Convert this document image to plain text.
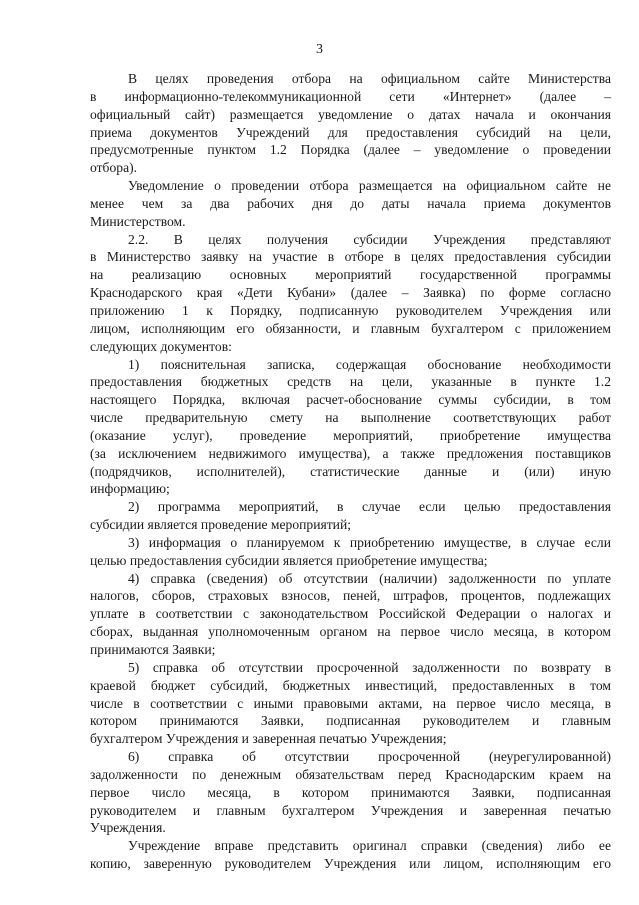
3
В целях проведения отбора на официальном сайте Министерства
в информационно-телекоммуникационной сети «Интернет» (далее –
официальный сайт) размещается уведомление о датах начала и окончания
приема документов Учреждений для предоставления субсидий на цели,
предусмотренные пунктом 1.2 Порядка (далее – уведомление о проведении
отбора).
Уведомление о проведении отбора размещается на официальном сайте не
менее чем за два рабочих дня до даты начала приема документов
Министерством.
2.2. В целях получения субсидии Учреждения представляют
в Министерство заявку на участие в отборе в целях предоставления субсидии
на реализацию основных мероприятий государственной программы
Краснодарского края «Дети Кубани» (далее – Заявка) по форме согласно
приложению 1 к Порядку, подписанную руководителем Учреждения или
лицом, исполняющим его обязанности, и главным бухгалтером с приложением
следующих документов:
1) пояснительная записка, содержащая обоснование необходимости
предоставления бюджетных средств на цели, указанные в пункте 1.2
настоящего Порядка, включая расчет-обоснование суммы субсидии, в том
числе предварительную смету на выполнение соответствующих работ
(оказание услуг), проведение мероприятий, приобретение имущества
(за исключением недвижимого имущества), а также предложения поставщиков
(подрядчиков, исполнителей), статистические данные и (или) иную
информацию;
2) программа мероприятий, в случае если целью предоставления
субсидии является проведение мероприятий;
3) информация о планируемом к приобретению имуществе, в случае если
целью предоставления субсидии является приобретение имущества;
4) справка (сведения) об отсутствии (наличии) задолженности по уплате
налогов, сборов, страховых взносов, пеней, штрафов, процентов, подлежащих
уплате в соответствии с законодательством Российской Федерации о налогах и
сборах, выданная уполномоченным органом на первое число месяца, в котором
принимаются Заявки;
5) справка об отсутствии просроченной задолженности по возврату в
краевой бюджет субсидий, бюджетных инвестиций, предоставленных в том
числе в соответствии с иными правовыми актами, на первое число месяца, в
котором принимаются Заявки, подписанная руководителем и главным
бухгалтером Учреждения и заверенная печатью Учреждения;
6) справка об отсутствии просроченной (неурегулированной)
задолженности по денежным обязательствам перед Краснодарским краем на
первое число месяца, в котором принимаются Заявки, подписанная
руководителем и главным бухгалтером Учреждения и заверенная печатью
Учреждения.
Учреждение вправе представить оригинал справки (сведения) либо ее
копию, заверенную руководителем Учреждения или лицом, исполняющим его
